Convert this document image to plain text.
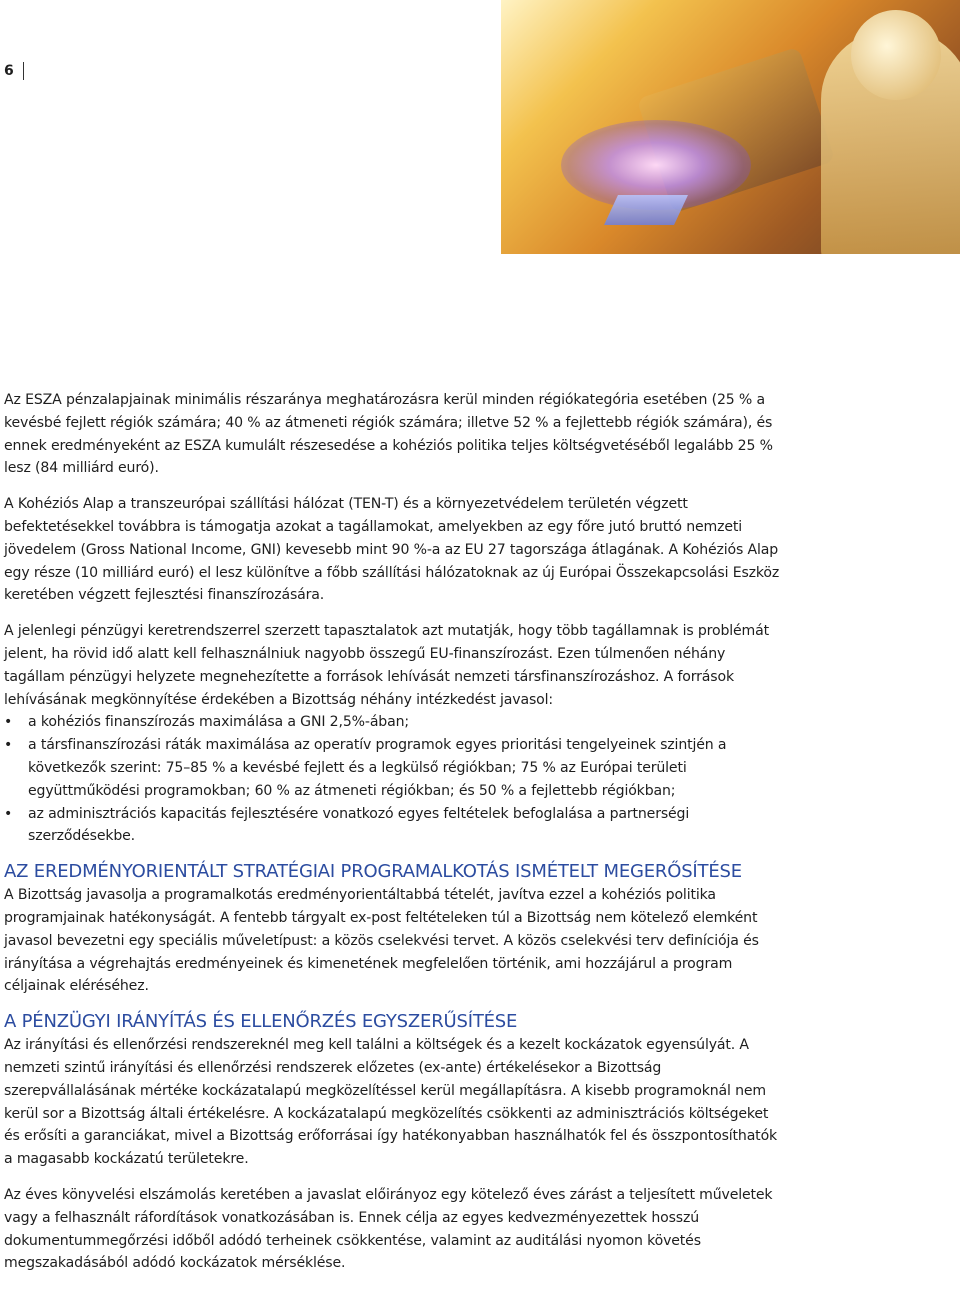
6

Az ESZA pénzalapjainak minimális részaránya meghatározásra kerül minden régiókategória esetében (25 % a kevésbé fejlett régiók számára; 40 % az átmeneti régiók számára; illetve 52 % a fejlettebb régiók számára), és ennek eredményeként az ESZA kumulált részesedése a kohéziós politika teljes költségvetéséből legalább 25 % lesz (84 milliárd euró).

A Kohéziós Alap a transzeurópai szállítási hálózat (TEN-T) és a környezetvédelem területén végzett befektetésekkel továbbra is támogatja azokat a tagállamokat, amelyekben az egy főre jutó bruttó nemzeti jövedelem (Gross National Income, GNI) kevesebb mint 90 %-a az EU 27 tagországa átlagának. A Kohéziós Alap egy része (10 milliárd euró) el lesz különítve a főbb szállítási hálózatoknak az új Európai Összekapcsolási Eszköz keretében végzett fejlesztési finanszírozására.

A jelenlegi pénzügyi keretrendszerrel szerzett tapasztalatok azt mutatják, hogy több tagállamnak is problémát jelent, ha rövid idő alatt kell felhasználniuk nagyobb összegű EU-finanszírozást. Ezen túlmenően néhány tagállam pénzügyi helyzete megnehezítette a források lehívását nemzeti társfinanszírozáshoz. A források lehívásának megkönnyítése érdekében a Bizottság néhány intézkedést javasol:

• a kohéziós finanszírozás maximálása a GNI 2,5%-ában;
• a társfinanszírozási ráták maximálása az operatív programok egyes prioritási tengelyeinek szintjén a következők szerint: 75–85 % a kevésbé fejlett és a legkülső régiókban; 75 % az Európai területi együttműködési programokban; 60 % az átmeneti régiókban; és 50 % a fejlettebb régiókban;
• az adminisztrációs kapacitás fejlesztésére vonatkozó egyes feltételek befoglalása a partnerségi szerződésekbe.
AZ EREDMÉNYORIENTÁLT STRATÉGIAI PROGRAMALKOTÁS ISMÉTELT MEGERŐSÍTÉSE

A Bizottság javasolja a programalkotás eredményorientáltabbá tételét, javítva ezzel a kohéziós politika programjainak hatékonyságát. A fentebb tárgyalt ex-post feltételeken túl a Bizottság nem kötelező elemként javasol bevezetni egy speciális műveletípust: a közös cselekvési tervet. A közös cselekvési terv definíciója és irányítása a végrehajtás eredményeinek és kimenetének megfelelően történik, ami hozzájárul a program céljainak eléréséhez.

A PÉNZÜGYI IRÁNYÍTÁS ÉS ELLENŐRZÉS EGYSZERŰSÍTÉSE

Az irányítási és ellenőrzési rendszereknél meg kell találni a költségek és a kezelt kockázatok egyensúlyát. A nemzeti szintű irányítási és ellenőrzési rendszerek előzetes (ex-ante) értékelésekor a Bizottság szerepvállalásának mértéke kockázatalapú megközelítéssel kerül megállapításra. A kisebb programoknál nem kerül sor a Bizottság általi értékelésre. A kockázatalapú megközelítés csökkenti az adminisztrációs költségeket és erősíti a garanciákat, mivel a Bizottság erőforrásai így hatékonyabban használhatók fel és összpontosíthatók a magasabb kockázatú területekre.

Az éves könyvelési elszámolás keretében a javaslat előirányoz egy kötelező éves zárást a teljesített műveletek vagy a felhasznált ráfordítások vonatkozásában is. Ennek célja az egyes kedvezményezettek hosszú dokumentummegőrzési időből adódó terheinek csökkentése, valamint az auditálási nyomon követés megszakadásából adódó kockázatok mérséklése.
